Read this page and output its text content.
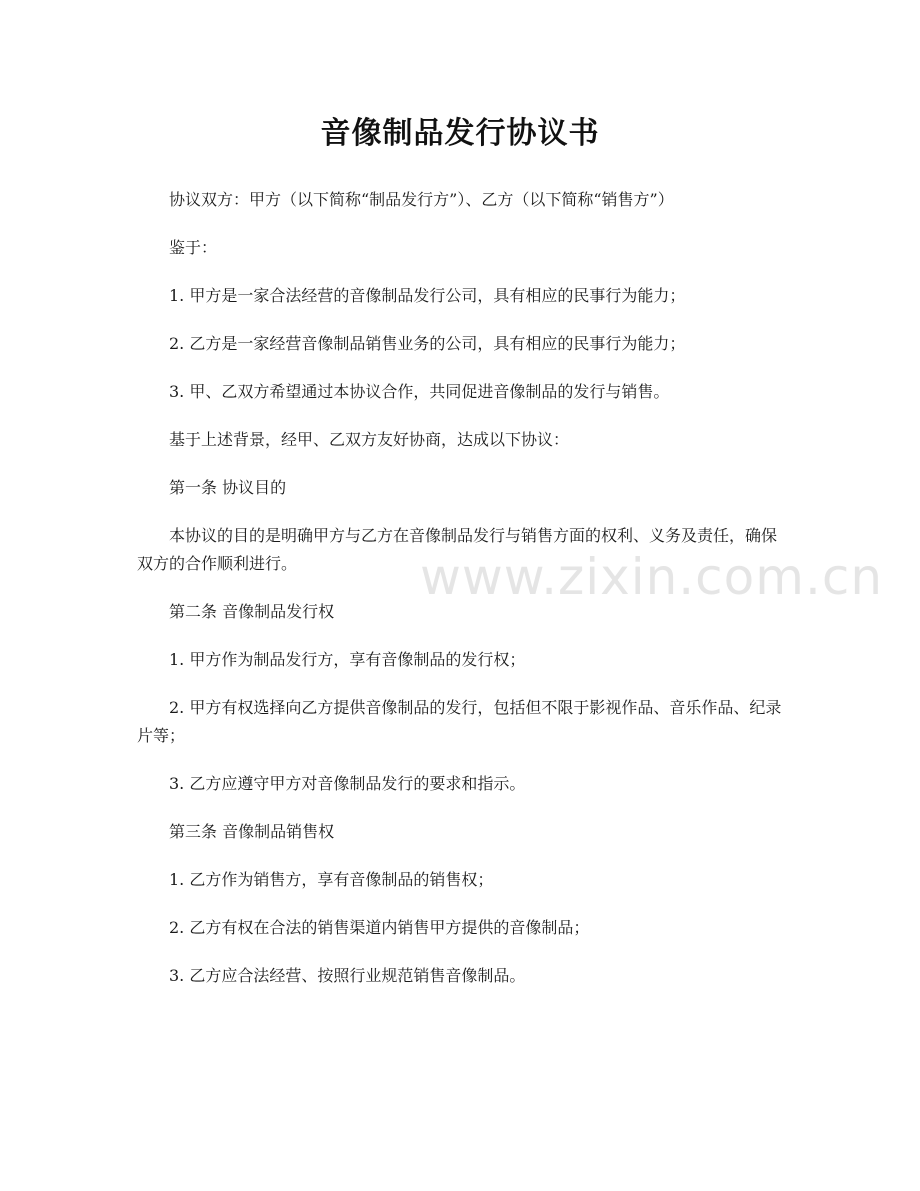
音像制品发行协议书

协议双方：甲方（以下简称“制品发行方”）、乙方（以下简称“销售方”）

鉴于：

1. 甲方是一家合法经营的音像制品发行公司，具有相应的民事行为能力；

2. 乙方是一家经营音像制品销售业务的公司，具有相应的民事行为能力；

3. 甲、乙双方希望通过本协议合作，共同促进音像制品的发行与销售。

基于上述背景，经甲、乙双方友好协商，达成以下协议：

第一条 协议目的

本协议的目的是明确甲方与乙方在音像制品发行与销售方面的权利、义务及责任，确保双方的合作顺利进行。

第二条 音像制品发行权

1. 甲方作为制品发行方，享有音像制品的发行权；

2. 甲方有权选择向乙方提供音像制品的发行，包括但不限于影视作品、音乐作品、纪录片等；

3. 乙方应遵守甲方对音像制品发行的要求和指示。

第三条 音像制品销售权

1. 乙方作为销售方，享有音像制品的销售权；

2. 乙方有权在合法的销售渠道内销售甲方提供的音像制品；

3. 乙方应合法经营、按照行业规范销售音像制品。

www.zixin.com.cn
